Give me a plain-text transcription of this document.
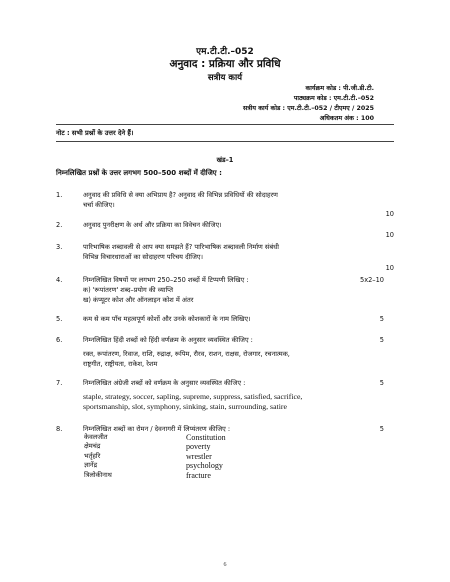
एम.टी.टी.–052
अनुवाद : प्रक्रिया और प्रविधि
सत्रीय कार्य
कार्यक्रम कोड : पी.जी.डी.टी.
पाठ्यक्रम कोड : एम.टी.टी.–052
सत्रीय कार्य कोड : एम.टी.टी.–052 / टीएमए / 2025
अधिकतम अंक : 100
नोट : सभी प्रश्नों के उत्तर देने हैं।
खंड–1
निम्नलिखित प्रश्नों के उत्तर लगभग 500–500 शब्दों में दीजिए :
1.	अनुवाद की प्रविधि से क्या अभिप्राय है? अनुवाद की विभिन्न प्रविधियों की सोदाहरण
चर्चा कीजिए।
10
2.	अनुवाद पुनरीक्षण के अर्थ और प्रक्रिया का विवेचन कीजिए।
10
3.	पारिभाषिक शब्दावली से आप क्या समझते हैं? पारिभाषिक शब्दावली निर्माण संबंधी
विभिन्न विचारधाराओं का सोदाहरण परिचय दीजिए।
10
4.	निम्नलिखित विषयों पर लगभग 250–250 शब्दों में टिप्पणी लिखिए :
क) 'रूपांतरण' शब्द–प्रयोग की व्याप्ति
ख) कंप्यूटर कोश और ऑनलाइन कोश में अंतर
5x2–10
5.	कम से कम पाँच महत्वपूर्ण कोशों और उनके कोशकारों के नाम लिखिए।	5
6.	निम्नलिखित हिंदी शब्दों को हिंदी वर्णक्रम के अनुसार व्यवस्थित कीजिए :
रक्त, रूपांतरण, रिवाज, राशि, रुद्राक्ष, रूपिम, रौरव, राशन, राक्षस, रोजगार, रचनात्मक,
राष्ट्रगीत, राष्ट्रीयता, राकेश, रेशम
5
7.	निम्नलिखित अंग्रेजी शब्दों को वर्णक्रम के अनुसार व्यवस्थित कीजिए :
staple, strategy, soccer, sapling, supreme, suppress, satisfied, sacrifice,
sportsmanship, slot, symphony, sinking, stain, surrounding, satire
5
8.	निम्नलिखित शब्दों का रोमन / देवनागरी में लिप्यंतरण कीजिए :	5
केवलजीत	Constitution
क्षेमचंद्र	poverty
भर्तृहरि	wrestler
ज्ञानेंद्र	psychology
त्रिलोकीनाथ	fracture
6
